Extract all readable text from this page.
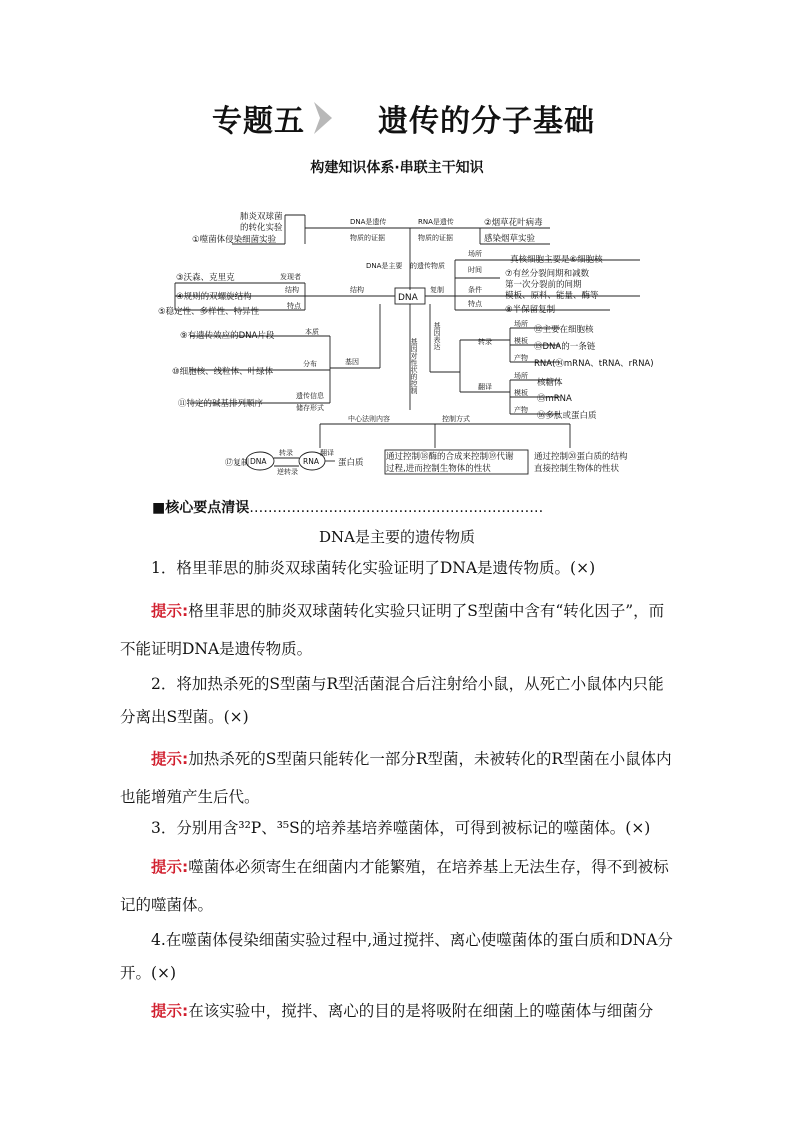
专题五 遗传的分子基础
构建知识体系·串联主干知识
肺炎双球菌
的转化实验
①噬菌体侵染细菌实验
DNA是遗传
物质的证据
RNA是遗传
物质的证据
②烟草花叶病毒
感染烟草实验
DNA是主要 的遗传物质
发现者
③沃森、克里克
结构
④规则的双螺旋结构
特点
⑤稳定性、多样性、特异性
结构
DNA
复制
场所
真核细胞主要是⑥细胞核
时间	⑦有丝分裂间期和减数
第一次分裂前的间期
条件
模板、原料、能量、酶等
特点
⑧半保留复制
本质
⑨有遗传效应的DNA片段
分布
⑩细胞核、线粒体、叶绿体
基因
遗传信息
储存形式
⑪特定的碱基排列顺序
基因表达
基因对性状的控制	转录
场所
⑫主要在细胞核
模板
⑬DNA的一条链
产物
RNA(⑭mRNA、tRNA、rRNA)
翻译
场所
核糖体
模板
⑮mRNA
产物
⑯多肽或蛋白质
中心法则内容	控制方式
⑰复制 DNA
转录
逆转录
RNA
翻译
蛋白质
通过控制⑱酶的合成来控制⑲代谢
过程,进而控制生物体的性状
通过控制⑳蛋白质的结构
直接控制生物体的性状
■核心要点清误………………………………………………………
DNA是主要的遗传物质
1．格里菲思的肺炎双球菌转化实验证明了DNA是遗传物质。(×)
提示:格里菲思的肺炎双球菌转化实验只证明了S型菌中含有“转化因子”，而不能证明DNA是遗传物质。
2．将加热杀死的S型菌与R型活菌混合后注射给小鼠，从死亡小鼠体内只能分离出S型菌。(×)
提示:加热杀死的S型菌只能转化一部分R型菌，未被转化的R型菌在小鼠体内也能增殖产生后代。
3．分别用含³²P、³⁵S的培养基培养噬菌体，可得到被标记的噬菌体。(×)
提示:噬菌体必须寄生在细菌内才能繁殖，在培养基上无法生存，得不到被标记的噬菌体。
4.在噬菌体侵染细菌实验过程中,通过搅拌、离心使噬菌体的蛋白质和DNA分开。(×)
提示:在该实验中，搅拌、离心的目的是将吸附在细菌上的噬菌体与细菌分
